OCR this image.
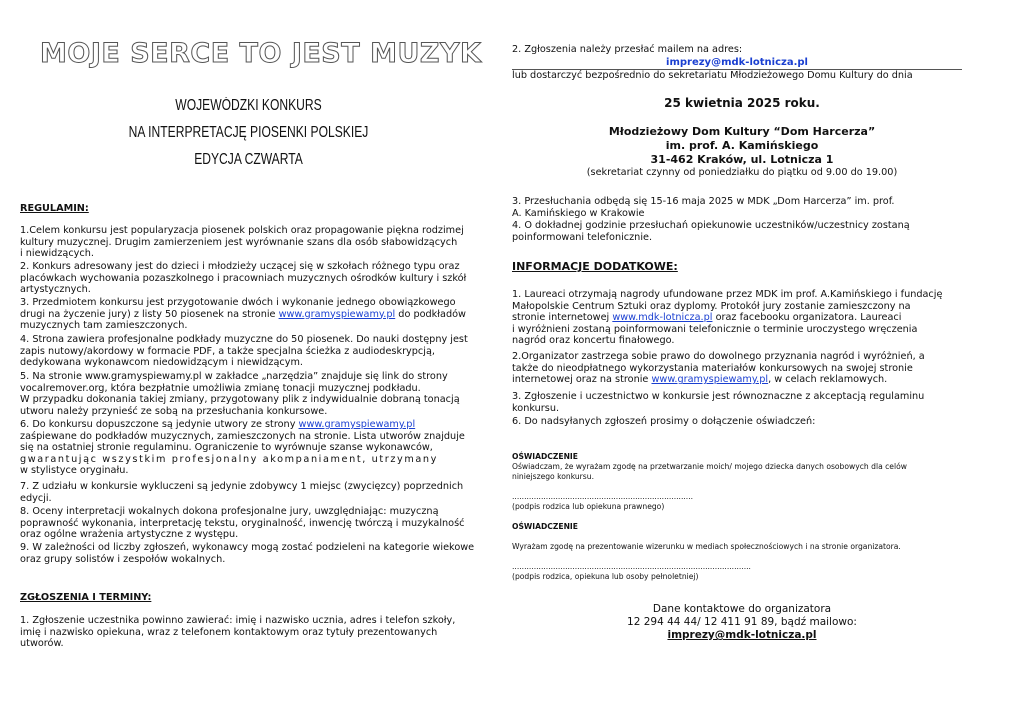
MOJE SERCE TO JEST MUZYK
WOJEWÓDZKI KONKURS
NA INTERPRETACJĘ PIOSENKI POLSKIEJ
EDYCJA CZWARTA
REGULAMIN:
1.Celem konkursu jest popularyzacja piosenek polskich oraz propagowanie piękna rodzimej
kultury muzycznej. Drugim zamierzeniem jest wyrównanie szans dla osób słabowidzących
i niewidzących.
2. Konkurs adresowany jest do dzieci i młodzieży uczącej się w szkołach różnego typu oraz
placówkach wychowania pozaszkolnego i pracowniach muzycznych ośrodków kultury i szkół
artystycznych.
3. Przedmiotem konkursu jest przygotowanie dwóch i wykonanie jednego obowiązkowego
drugi na życzenie jury) z listy 50 piosenek na stronie www.gramyspiewamy.pl do podkładów
muzycznych tam zamieszczonych.
4. Strona zawiera profesjonalne podkłady muzyczne do 50 piosenek. Do nauki dostępny jest
zapis nutowy/akordowy w formacie PDF, a także specjalna ścieżka z audiodeskrypcją,
dedykowana wykonawcom niedowidzącym i niewidzącym.
5. Na stronie www.gramyspiewamy.pl w zakładce „narzędzia” znajduje się link do strony
vocalremover.org, która bezpłatnie umożliwia zmianę tonacji muzycznej podkładu.
W przypadku dokonania takiej zmiany, przygotowany plik z indywidualnie dobraną tonacją
utworu należy przynieść ze sobą na przesłuchania konkursowe.
6. Do konkursu dopuszczone są jedynie utwory ze strony www.gramyspiewamy.pl
zaśpiewane do podkładów muzycznych, zamieszczonych na stronie. Lista utworów znajduje
się na ostatniej stronie regulaminu. Ograniczenie to wyrównuje szanse wykonawców,
gwarantując wszystkim profesjonalny akompaniament, utrzymany
w stylistyce oryginału.
7. Z udziału w konkursie wykluczeni są jedynie zdobywcy 1 miejsc (zwycięzcy) poprzednich
edycji.
8. Oceny interpretacji wokalnych dokona profesjonalne jury, uwzględniając: muzyczną
poprawność wykonania, interpretację tekstu, oryginalność, inwencję twórczą i muzykalność
oraz ogólne wrażenia artystyczne z występu.
9. W zależności od liczby zgłoszeń, wykonawcy mogą zostać podzieleni na kategorie wiekowe
oraz grupy solistów i zespołów wokalnych.
ZGŁOSZENIA I TERMINY:
1. Zgłoszenie uczestnika powinno zawierać: imię i nazwisko ucznia, adres i telefon szkoły,
imię i nazwisko opiekuna, wraz z telefonem kontaktowym oraz tytuły prezentowanych
utworów.
2. Zgłoszenia należy przesłać mailem na adres:
imprezy@mdk-lotnicza.pl
lub dostarczyć bezpośrednio do sekretariatu Młodzieżowego Domu Kultury do dnia
25 kwietnia 2025 roku.
Młodzieżowy Dom Kultury “Dom Harcerza”
im. prof. A. Kamińskiego
31-462 Kraków, ul. Lotnicza 1
(sekretariat czynny od poniedziałku do piątku od 9.00 do 19.00)
3. Przesłuchania odbędą się 15-16 maja 2025 w MDK „Dom Harcerza” im. prof.
A. Kamińskiego w Krakowie
4. O dokładnej godzinie przesłuchań opiekunowie uczestników/uczestnicy zostaną
poinformowani telefonicznie.
INFORMACJE DODATKOWE:
1. Laureaci otrzymają nagrody ufundowane przez MDK im prof. A.Kamińskiego i fundację
Małopolskie Centrum Sztuki oraz dyplomy. Protokół jury zostanie zamieszczony na
stronie internetowej www.mdk-lotnicza.pl oraz facebooku organizatora. Laureaci
i wyróżnieni zostaną poinformowani telefonicznie o terminie uroczystego wręczenia
nagród oraz koncertu finałowego.
2.Organizator zastrzega sobie prawo do dowolnego przyznania nagród i wyróżnień, a
także do nieodpłatnego wykorzystania materiałów konkursowych na swojej stronie
internetowej oraz na stronie www.gramyspiewamy.pl, w celach reklamowych.
3. Zgłoszenie i uczestnictwo w konkursie jest równoznaczne z akceptacją regulaminu
konkursu.
6. Do nadsyłanych zgłoszeń prosimy o dołączenie oświadczeń:
OŚWIADCZENIE
Oświadczam, że wyrażam zgodę na przetwarzanie moich/ mojego dziecka danych osobowych dla celów
niniejszego konkursu.
...........................................................................
(podpis rodzica lub opiekuna prawnego)
OŚWIADCZENIE
Wyrażam zgodę na prezentowanie wizerunku w mediach społecznościowych i na stronie organizatora.
...................................................................................................
(podpis rodzica, opiekuna lub osoby pełnoletniej)
Dane kontaktowe do organizatora
12 294 44 44/ 12 411 91 89, bądź mailowo:
imprezy@mdk-lotnicza.pl
